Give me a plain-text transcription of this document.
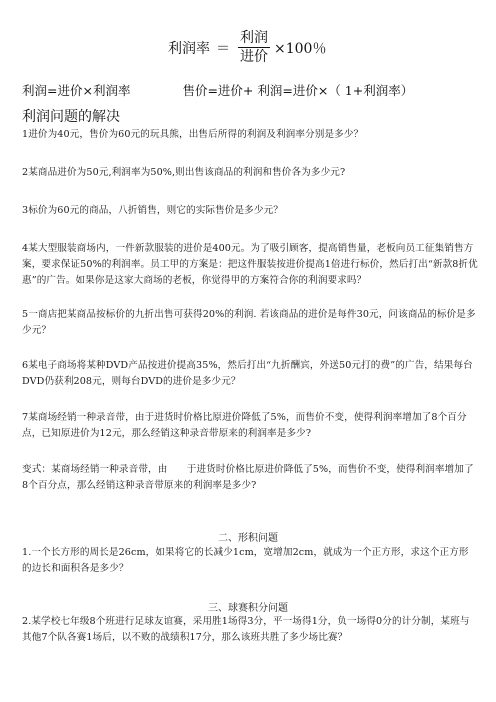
利润率 ＝ $\frac{\text{利润}}{\text{进价}} \times 100$％
利润=进价×利润率	售价=进价+ 利润=进价×（ 1+利润率）
利润问题的解决
1进价为40元，售价为60元的玩具熊，出售后所得的利润及利润率分别是多少？
2某商品进价为50元,利润率为50%,则出售该商品的利润和售价各为多少元?
3标价为60元的商品，八折销售，则它的实际售价是多少元？
4某大型服装商场内，一件新款服装的进价是400元。为了吸引顾客，提高销售量，老板向员工征集销售方案，要求保证50%的利润率。员工甲的方案是：把这件服装按进价提高1倍进行标价，然后打出“新款8折优惠”的广告。如果你是这家大商场的老板，你觉得甲的方案符合你的利润要求吗？
5一商店把某商品按标价的九折出售可获得20%的利润. 若该商品的进价是每件30元，问该商品的标价是多少元？
6某电子商场将某种DVD产品按进价提高35%，然后打出“九折酬宾，外送50元打的费”的广告，结果每台DVD仍获利208元，则每台DVD的进价是多少元？
7某商场经销一种录音带，由于进货时价格比原进价降低了5%，而售价不变，使得利润率增加了8个百分点，已知原进价为12元，那么经销这种录音带原来的利润率是多少?
变式：某商场经销一种录音带，由　　于进货时价格比原进价降低了5%，而售价不变，使得利润率增加了8个百分点，那么经销这种录音带原来的利润率是多少?
二、形积问题
1.一个长方形的周长是26cm，如果将它的长减少1cm，宽增加2cm，就成为一个正方形，求这个正方形的边长和面积各是多少？
三、球赛积分问题
2.某学校七年级8个班进行足球友谊赛，采用胜1场得3分，平一场得1分，负一场得0分的计分制，某班与其他7个队各赛1场后，以不败的战绩积17分，那么该班共胜了多少场比赛？
